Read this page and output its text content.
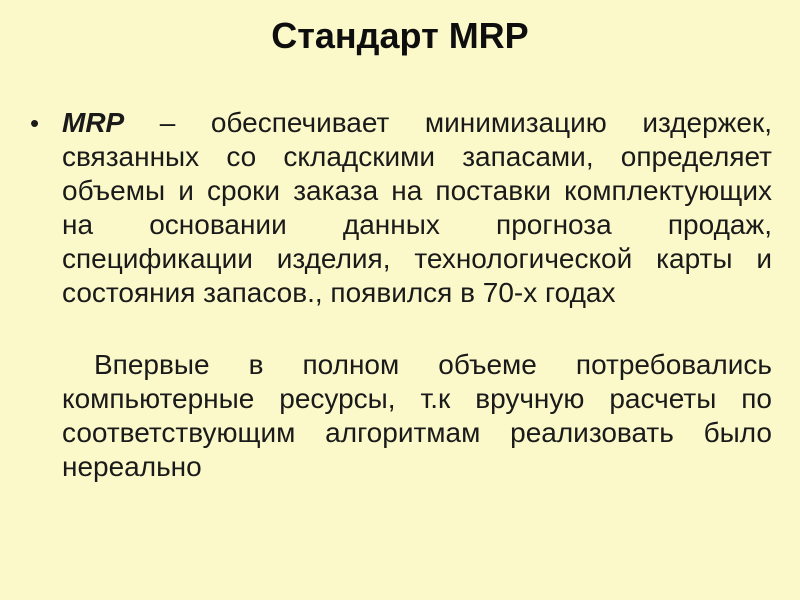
Стандарт MRP
• MRP – обеспечивает минимизацию издержек, связанных со складскими запасами, определяет объемы и сроки заказа на поставки комплектующих на основании данных прогноза продаж, спецификации изделия, технологической карты и состояния запасов., появился в 70-х годах
Впервые в полном объеме потребовались компьютерные ресурсы, т.к вручную расчеты по соответствующим алгоритмам реализовать было нереально
